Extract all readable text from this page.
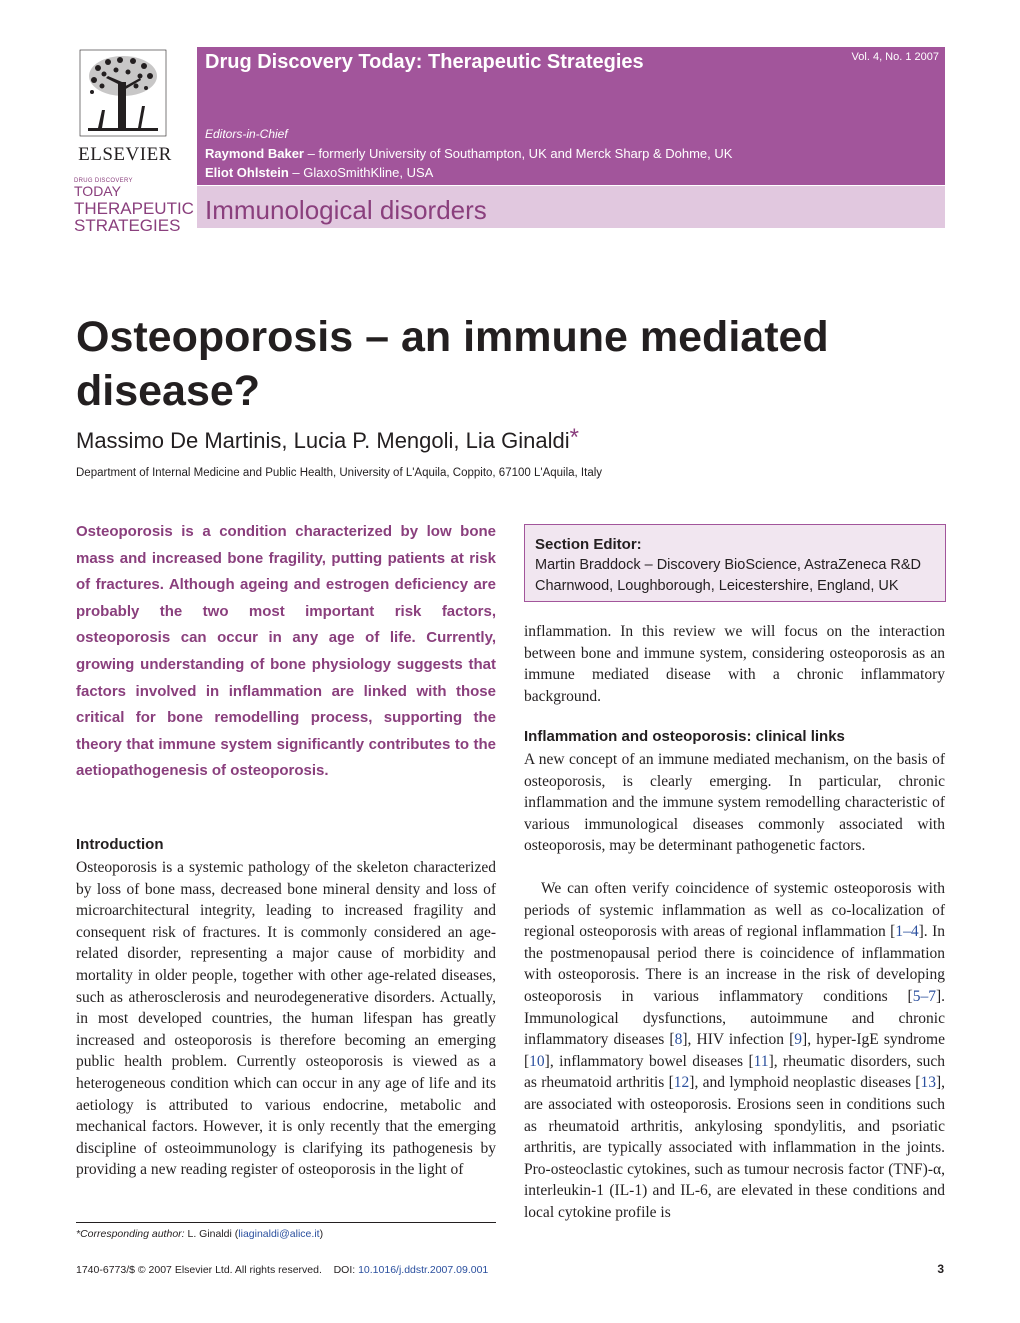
ELSEVIER
DRUG DISCOVERY
TODAY
THERAPEUTIC
STRATEGIES
Drug Discovery Today: Therapeutic Strategies	Vol. 4, No. 1 2007
Editors-in-Chief
Raymond Baker – formerly University of Southampton, UK and Merck Sharp & Dohme, UK
Eliot Ohlstein – GlaxoSmithKline, USA
Immunological disorders
Osteoporosis – an immune mediated disease?
Massimo De Martinis, Lucia P. Mengoli, Lia Ginaldi*
Department of Internal Medicine and Public Health, University of L'Aquila, Coppito, 67100 L'Aquila, Italy

Osteoporosis is a condition characterized by low bone mass and increased bone fragility, putting patients at risk of fractures. Although ageing and estrogen deficiency are probably the two most important risk factors, osteoporosis can occur in any age of life. Currently, growing understanding of bone physiology suggests that factors involved in inflammation are linked with those critical for bone remodelling process, supporting the theory that immune system significantly contributes to the aetiopathogenesis of osteoporosis.

Introduction

Osteoporosis is a systemic pathology of the skeleton characterized by loss of bone mass, decreased bone mineral density and loss of microarchitectural integrity, leading to increased fragility and consequent risk of fractures. It is commonly considered an age-related disorder, representing a major cause of morbidity and mortality in older people, together with other age-related diseases, such as atherosclerosis and neurodegenerative disorders. Actually, in most developed countries, the human lifespan has greatly increased and osteoporosis is therefore becoming an emerging public health problem. Currently osteoporosis is viewed as a heterogeneous condition which can occur in any age of life and its aetiology is attributed to various endocrine, metabolic and mechanical factors. However, it is only recently that the emerging discipline of osteoimmunology is clarifying its pathogenesis by providing a new reading register of osteoporosis in the light of

*Corresponding author: L. Ginaldi (liaginaldi@alice.it)
Section Editor:
Martin Braddock – Discovery BioScience, AstraZeneca R&D
Charnwood, Loughborough, Leicestershire, England, UK

inflammation. In this review we will focus on the interaction between bone and immune system, considering osteoporosis as an immune mediated disease with a chronic inflammatory background.

Inflammation and osteoporosis: clinical links

A new concept of an immune mediated mechanism, on the basis of osteoporosis, is clearly emerging. In particular, chronic inflammation and the immune system remodelling characteristic of various immunological diseases commonly associated with osteoporosis, may be determinant pathogenetic factors.

We can often verify coincidence of systemic osteoporosis with periods of systemic inflammation as well as co-localization of regional osteoporosis with areas of regional inflammation [1–4]. In the postmenopausal period there is coincidence of inflammation with osteoporosis. There is an increase in the risk of developing osteoporosis in various inflammatory conditions [5–7]. Immunological dysfunctions, autoimmune and chronic inflammatory diseases [8], HIV infection [9], hyper-IgE syndrome [10], inflammatory bowel diseases [11], rheumatic disorders, such as rheumatoid arthritis [12], and lymphoid neoplastic diseases [13], are associated with osteoporosis. Erosions seen in conditions such as rheumatoid arthritis, ankylosing spondylitis, and psoriatic arthritis, are typically associated with inflammation in the joints. Pro-osteoclastic cytokines, such as tumour necrosis factor (TNF)-α, interleukin-1 (IL-1) and IL-6, are elevated in these conditions and local cytokine profile is

1740-6773/$ © 2007 Elsevier Ltd. All rights reserved. DOI: 10.1016/j.ddstr.2007.09.001	3
